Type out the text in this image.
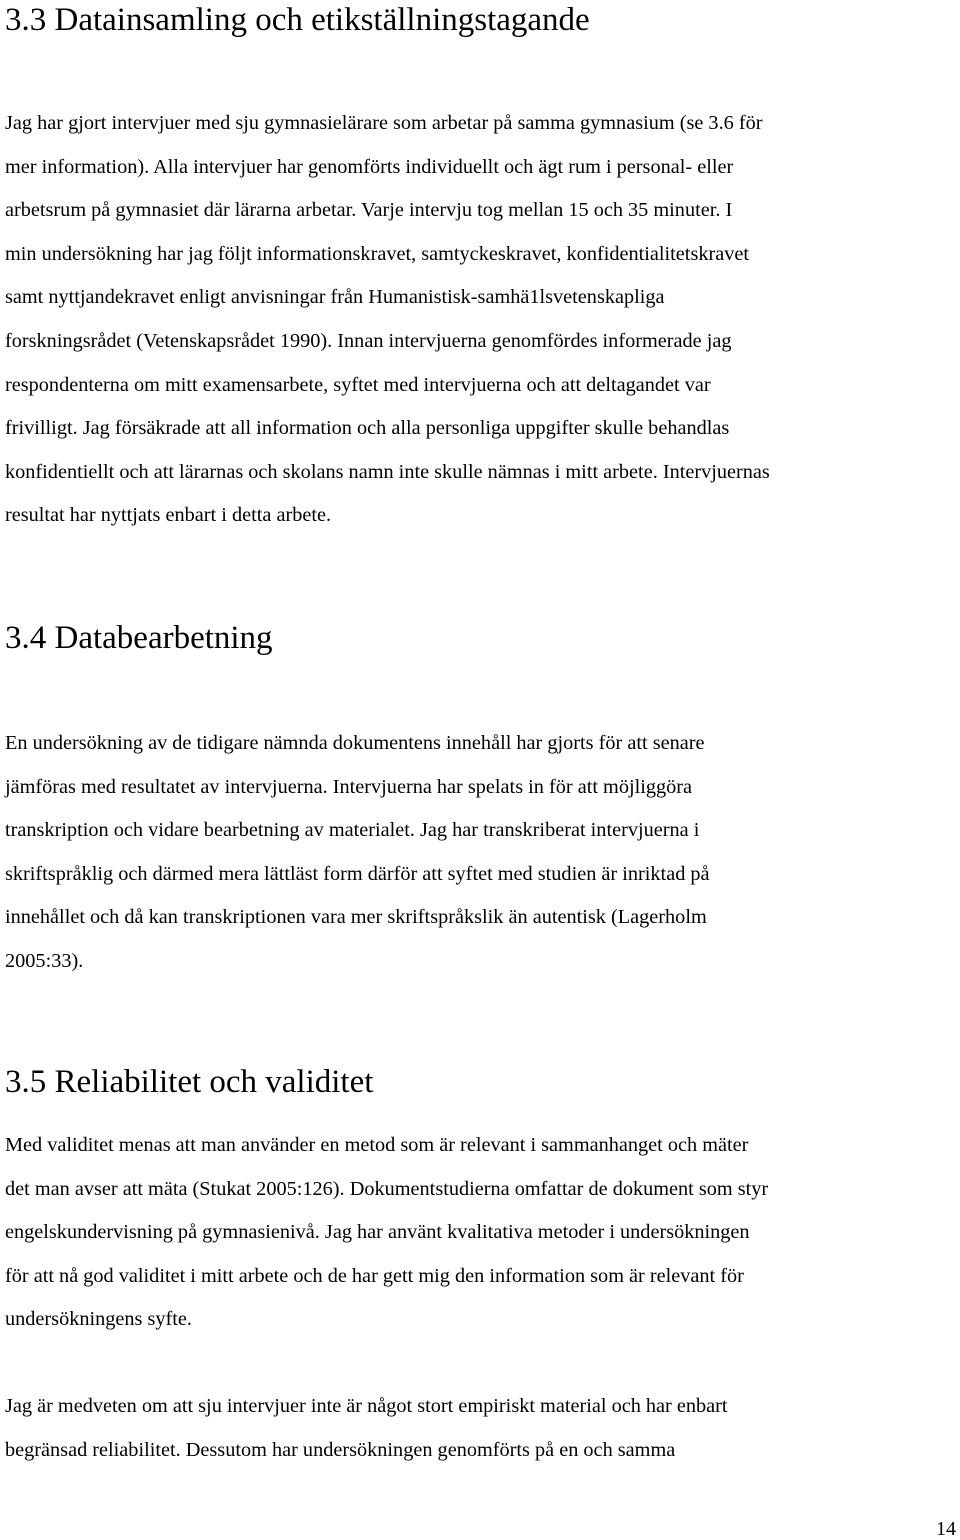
3.3 Datainsamling och etikställningstagande

Jag har gjort intervjuer med sju gymnasielärare som arbetar på samma gymnasium (se 3.6 för
mer information). Alla intervjuer har genomförts individuellt och ägt rum i personal- eller
arbetsrum på gymnasiet där lärarna arbetar. Varje intervju tog mellan 15 och 35 minuter. I
min undersökning har jag följt informationskravet, samtyckeskravet, konfidentialitetskravet
samt nyttjandekravet enligt anvisningar från Humanistisk-samhä1lsvetenskapliga
forskningsrådet (Vetenskapsrådet 1990). Innan intervjuerna genomfördes informerade jag
respondenterna om mitt examensarbete, syftet med intervjuerna och att deltagandet var
frivilligt. Jag försäkrade att all information och alla personliga uppgifter skulle behandlas
konfidentiellt och att lärarnas och skolans namn inte skulle nämnas i mitt arbete. Intervjuernas
resultat har nyttjats enbart i detta arbete.

3.4 Databearbetning

En undersökning av de tidigare nämnda dokumentens innehåll har gjorts för att senare
jämföras med resultatet av intervjuerna. Intervjuerna har spelats in för att möjliggöra
transkription och vidare bearbetning av materialet. Jag har transkriberat intervjuerna i
skriftspråklig och därmed mera lättläst form därför att syftet med studien är inriktad på
innehållet och då kan transkriptionen vara mer skriftspråkslik än autentisk (Lagerholm
2005:33).

3.5 Reliabilitet och validitet

Med validitet menas att man använder en metod som är relevant i sammanhanget och mäter
det man avser att mäta (Stukat 2005:126). Dokumentstudierna omfattar de dokument som styr
engelskundervisning på gymnasienivå. Jag har använt kvalitativa metoder i undersökningen
för att nå god validitet i mitt arbete och de har gett mig den information som är relevant för
undersökningens syfte.

Jag är medveten om att sju intervjuer inte är något stort empiriskt material och har enbart
begränsad reliabilitet. Dessutom har undersökningen genomförts på en och samma

14
